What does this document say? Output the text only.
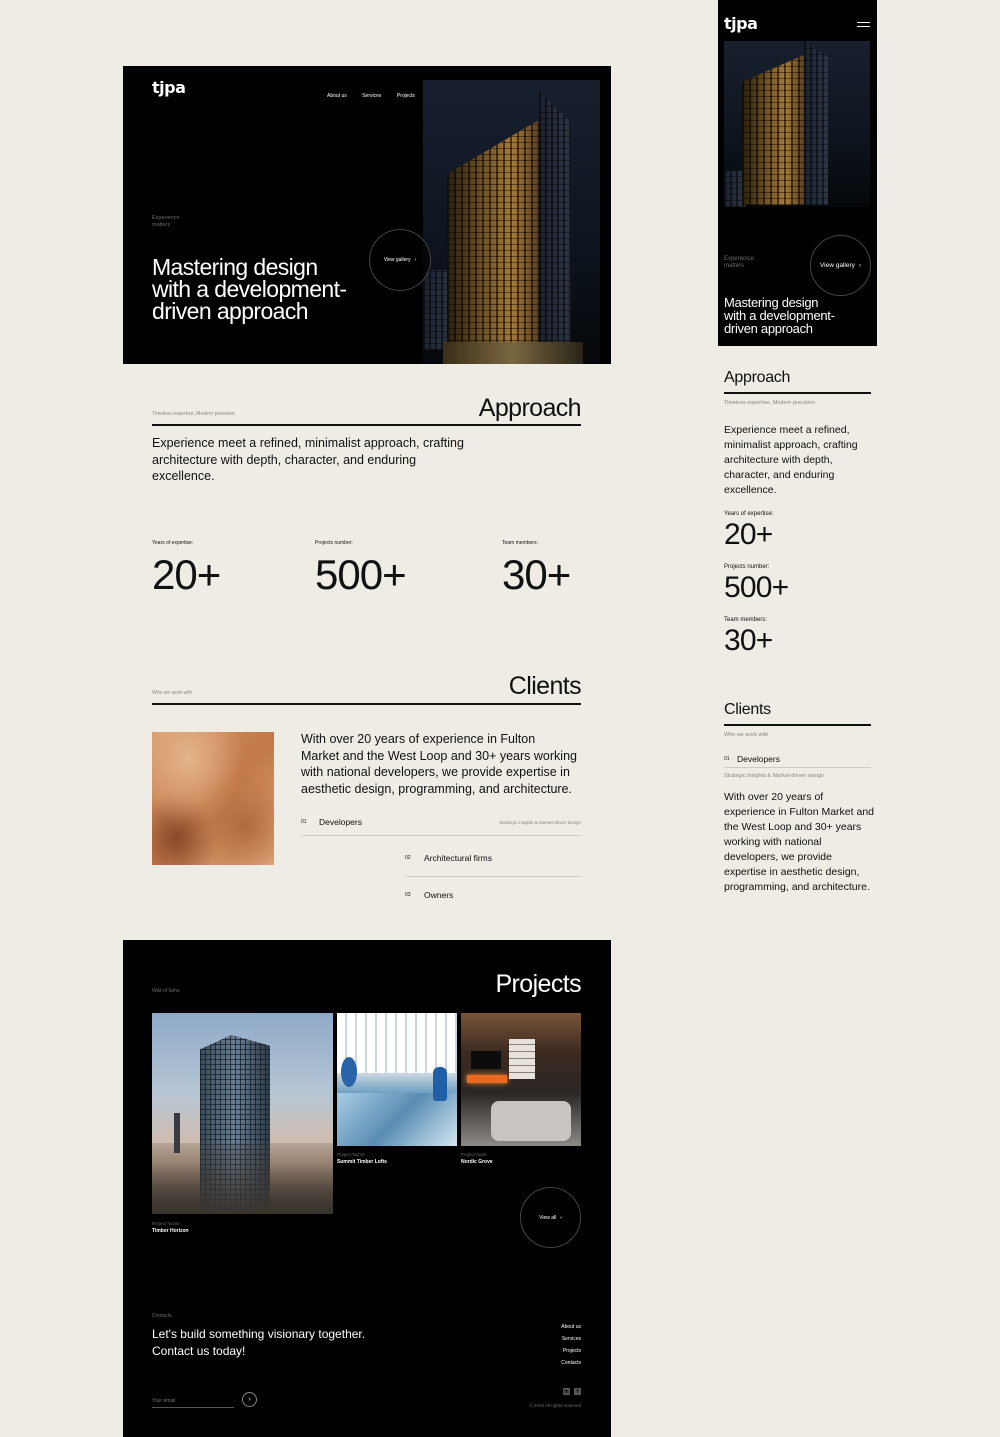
tjpa	About us	Services	Projects
Experience
matters
Mastering design
with a development-
driven approach
View gallery ›
Timeless expertise, Modern precision	Approach

Experience meet a refined, minimalist approach, crafting
architecture with depth, character, and enduring
excellence.

Years of expertise:
20+
Projects number:
500+
Team members:
30+
Who we work with	Clients

With over 20 years of experience in Fulton
Market and the West Loop and 30+ years working
with national developers, we provide expertise in
aesthetic design, programming, and architecture.

01 Developers	Strategic insights & Market-driven design
02 Architectural firms
03 Owners
Wall of fame	Projects
Project №165
Timber Horizon
Project №223
Summit Timber Lofts
Project №26
Nordic Grove
View all ›
Contacts
Let's build something visionary together.
Contact us today!
About us
Services
Projects
Contacts
Your email
›
in	f
© 2025 All rights reserved
tjpa
Experience
matters	View gallery ›
Mastering design
with a development-
driven approach
Approach
Timeless expertise, Modern precision

Experience meet a refined, minimalist approach, crafting architecture with depth, character, and enduring excellence.

Years of expertise:
20+
Projects number:
500+
Team members:
30+
Clients
Who we work with
01 Developers
Strategic insights & Market-driven design

With over 20 years of experience in Fulton Market and the West Loop and 30+ years working with national developers, we provide expertise in aesthetic design, programming, and architecture.
